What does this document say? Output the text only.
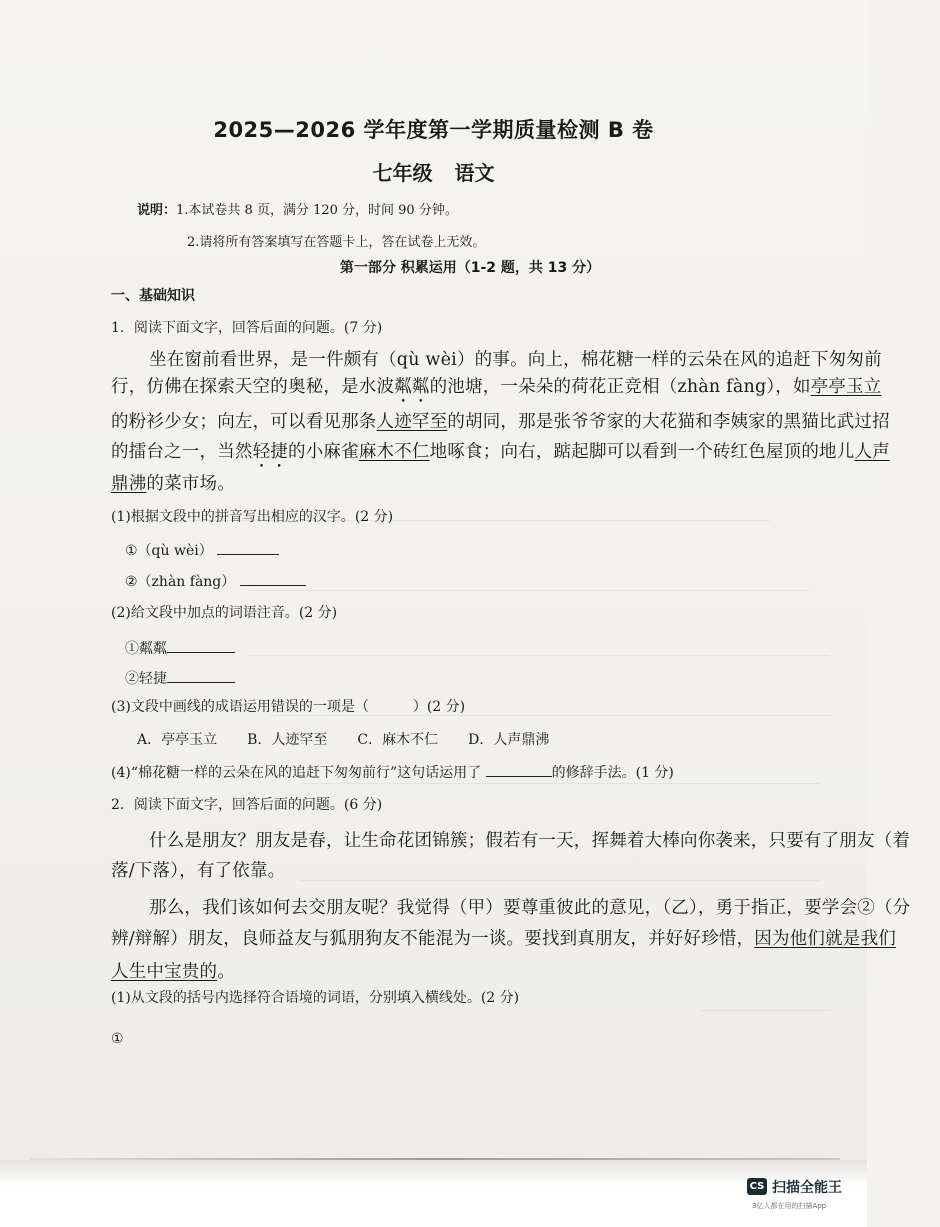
2025—2026 学年度第一学期质量检测 B 卷
七年级 语文
说明：1.本试卷共 8 页，满分 120 分，时间 90 分钟。
2.请将所有答案填写在答题卡上，答在试卷上无效。
第一部分 积累运用（1-2 题，共 13 分）
一、基础知识
1．阅读下面文字，回答后面的问题。(7 分)
坐在窗前看世界，是一件颇有（qù wèi）的事。向上，棉花糖一样的云朵在风的追赶下匆匆前
行，仿佛在探索天空的奥秘，是水波粼粼的池塘，一朵朵的荷花正竞相（zhàn fàng），如亭亭玉立
的粉衫少女；向左，可以看见那条人迹罕至的胡同，那是张爷爷家的大花猫和李姨家的黑猫比武过招
的擂台之一，当然轻捷的小麻雀麻木不仁地啄食；向右，踮起脚可以看到一个砖红色屋顶的地儿人声
鼎沸的菜市场。
(1)根据文段中的拼音写出相应的汉字。(2 分)
①（qù wèi）
②（zhàn fàng）
(2)给文段中加点的词语注音。(2 分)
①粼粼
②轻捷
(3)文段中画线的成语运用错误的一项是（	）(2 分)
A．亭亭玉立 B．人迹罕至 C．麻木不仁 D．人声鼎沸
(4)“棉花糖一样的云朵在风的追赶下匆匆前行”这句话运用了	的修辞手法。(1 分)
2．阅读下面文字，回答后面的问题。(6 分)
什么是朋友？朋友是春，让生命花团锦簇；假若有一天，挥舞着大棒向你袭来，只要有了朋友（着
落/下落），有了依靠。
那么，我们该如何去交朋友呢？我觉得（甲）要尊重彼此的意见，（乙），勇于指正，要学会②（分
辨/辩解）朋友，良师益友与狐朋狗友不能混为一谈。要找到真朋友，并好好珍惜，因为他们就是我们
人生中宝贵的。
(1)从文段的括号内选择符合语境的词语，分别填入横线处。(2 分)
①
CS 扫描全能王
3亿人都在用的扫描App
